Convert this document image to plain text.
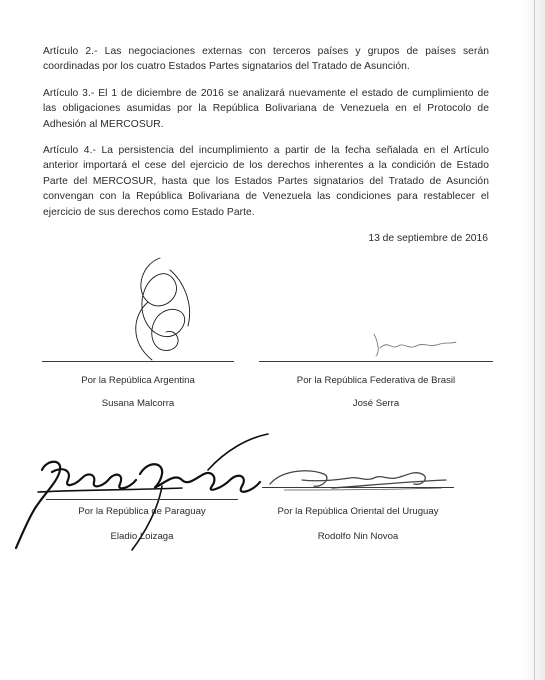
Artículo 2.- Las negociaciones externas con terceros países y grupos de países serán coordinadas por los cuatro Estados Partes signatarios del Tratado de Asunción.

Artículo 3.- El 1 de diciembre de 2016 se analizará nuevamente el estado de cumplimiento de las obligaciones asumidas por la República Bolivariana de Venezuela en el Protocolo de Adhesión al MERCOSUR.

Artículo 4.- La persistencia del incumplimiento a partir de la fecha señalada en el Artículo anterior importará el cese del ejercicio de los derechos inherentes a la condición de Estado Parte del MERCOSUR, hasta que los Estados Partes signatarios del Tratado de Asunción convengan con la República Bolivariana de Venezuela las condiciones para restablecer el ejercicio de sus derechos como Estado Parte.

13 de septiembre de 2016
Por la República Argentina
Susana Malcorra
Por la República Federativa de Brasil
José Serra
Por la República de Paraguay
Eladio Loizaga
Por la República Oriental del Uruguay
Rodolfo Nin Novoa
